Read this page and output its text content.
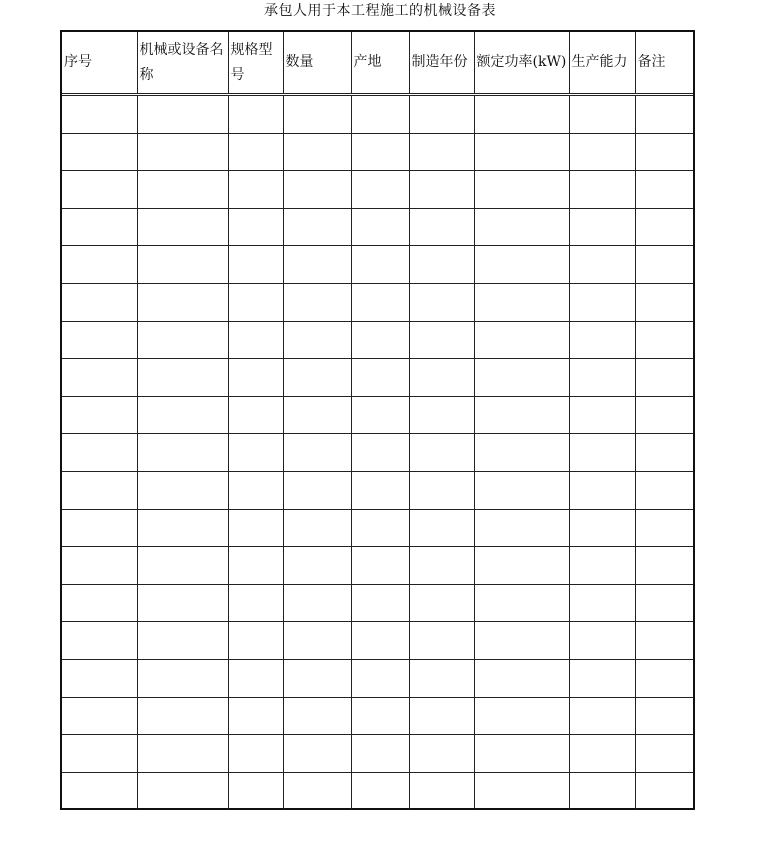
承包人用于本工程施工的机械设备表
序号	机械或设备名称	规格型号	数量	产地	制造年份	额定功率(kW)	生产能力	备注
